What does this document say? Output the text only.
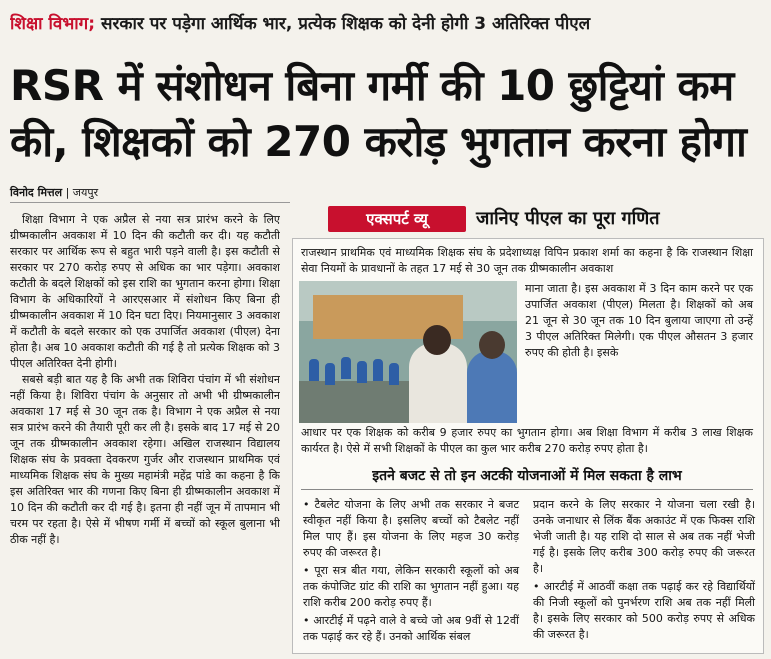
शिक्षा विभाग; सरकार पर पड़ेगा आर्थिक भार, प्रत्येक शिक्षक को देनी होगी 3 अतिरिक्त पीएल
RSR में संशोधन बिना गर्मी की 10 छुट्टियां कम
की, शिक्षकों को 270 करोड़ भुगतान करना होगा
विनोद मित्तल | जयपुर

शिक्षा विभाग ने एक अप्रैल से नया सत्र प्रारंभ करने के लिए ग्रीष्मकालीन अवकाश में 10 दिन की कटौती कर दी। यह कटौती सरकार पर आर्थिक रूप से बहुत भारी पड़ने वाली है। इस कटौती से सरकार पर 270 करोड़ रुपए से अधिक का भार पड़ेगा। अवकाश कटौती के बदले शिक्षकों को इस राशि का भुगतान करना होगा। शिक्षा विभाग के अधिकारियों ने आरएसआर में संशोधन किए बिना ही ग्रीष्मकालीन अवकाश में 10 दिन घटा दिए। नियमानुसार 3 अवकाश में कटौती के बदले सरकार को एक उपार्जित अवकाश (पीएल) देना होता है। अब 10 अवकाश कटौती की गई है तो प्रत्येक शिक्षक को 3 पीएल अतिरिक्त देनी होगी।

सबसे बड़ी बात यह है कि अभी तक शिविरा पंचांग में भी संशोधन नहीं किया है। शिविरा पंचांग के अनुसार तो अभी भी ग्रीष्मकालीन अवकाश 17 मई से 30 जून तक है। विभाग ने एक अप्रैल से नया सत्र प्रारंभ करने की तैयारी पूरी कर ली है। इसके बाद 17 मई से 20 जून तक ग्रीष्मकालीन अवकाश रहेगा। अखिल राजस्थान विद्यालय शिक्षक संघ के प्रवक्ता देवकरण गुर्जर और राजस्थान प्राथमिक एवं माध्यमिक शिक्षक संघ के मुख्य महामंत्री महेंद्र पांडे का कहना है कि इस अतिरिक्त भार की गणना किए बिना ही ग्रीष्मकालीन अवकाश में 10 दिन की कटौती कर दी गई है। इतना ही नहीं जून में तापमान भी चरम पर रहता है। ऐसे में भीषण गर्मी में बच्चों को स्कूल बुलाना भी ठीक नहीं है।

एक्सपर्ट व्यू	जानिए पीएल का पूरा गणित
राजस्थान प्राथमिक एवं माध्यमिक शिक्षक संघ के प्रदेशाध्यक्ष विपिन प्रकाश शर्मा का कहना है कि राजस्थान शिक्षा सेवा नियमों के प्रावधानों के तहत 17 मई से 30 जून तक ग्रीष्मकालीन अवकाश
माना जाता है। इस अवकाश में 3 दिन काम करने पर एक उपार्जित अवकाश (पीएल) मिलता है। शिक्षकों को अब 21 जून से 30 जून तक 10 दिन बुलाया जाएगा तो उन्हें 3 पीएल अतिरिक्त मिलेगी। एक पीएल औसतन 3 हजार रुपए की होती है। इसके
आधार पर एक शिक्षक को करीब 9 हजार रुपए का भुगतान होगा। अब शिक्षा विभाग में करीब 3 लाख शिक्षक कार्यरत है। ऐसे में सभी शिक्षकों के पीएल का कुल भार करीब 270 करोड़ रुपए होता है।
इतने बजट से तो इन अटकी योजनाओं में मिल सकता है लाभ

• टैबलेट योजना के लिए अभी तक सरकार ने बजट स्वीकृत नहीं किया है। इसलिए बच्चों को टैबलेट नहीं मिल पाए हैं। इस योजना के लिए महज 30 करोड़ रुपए की जरूरत है।

• पूरा सत्र बीत गया, लेकिन सरकारी स्कूलों को अब तक कंपोजिट ग्रांट की राशि का भुगतान नहीं हुआ। यह राशि करीब 200 करोड़ रुपए हैं।

• आरटीई में पढ़ने वाले वे बच्चे जो अब 9वीं से 12वीं तक पढ़ाई कर रहे हैं। उनको आर्थिक संबल

प्रदान करने के लिए सरकार ने योजना चला रखी है। उनके जनाधार से लिंक बैंक अकाउंट में एक फिक्स राशि भेजी जाती है। यह राशि दो साल से अब तक नहीं भेजी गई है। इसके लिए करीब 300 करोड़ रुपए की जरूरत है।

• आरटीई में आठवीं कक्षा तक पढ़ाई कर रहे विद्यार्थियों की निजी स्कूलों को पुनर्भरण राशि अब तक नहीं मिली है। इसके लिए सरकार को 500 करोड़ रुपए से अधिक की जरूरत है।
